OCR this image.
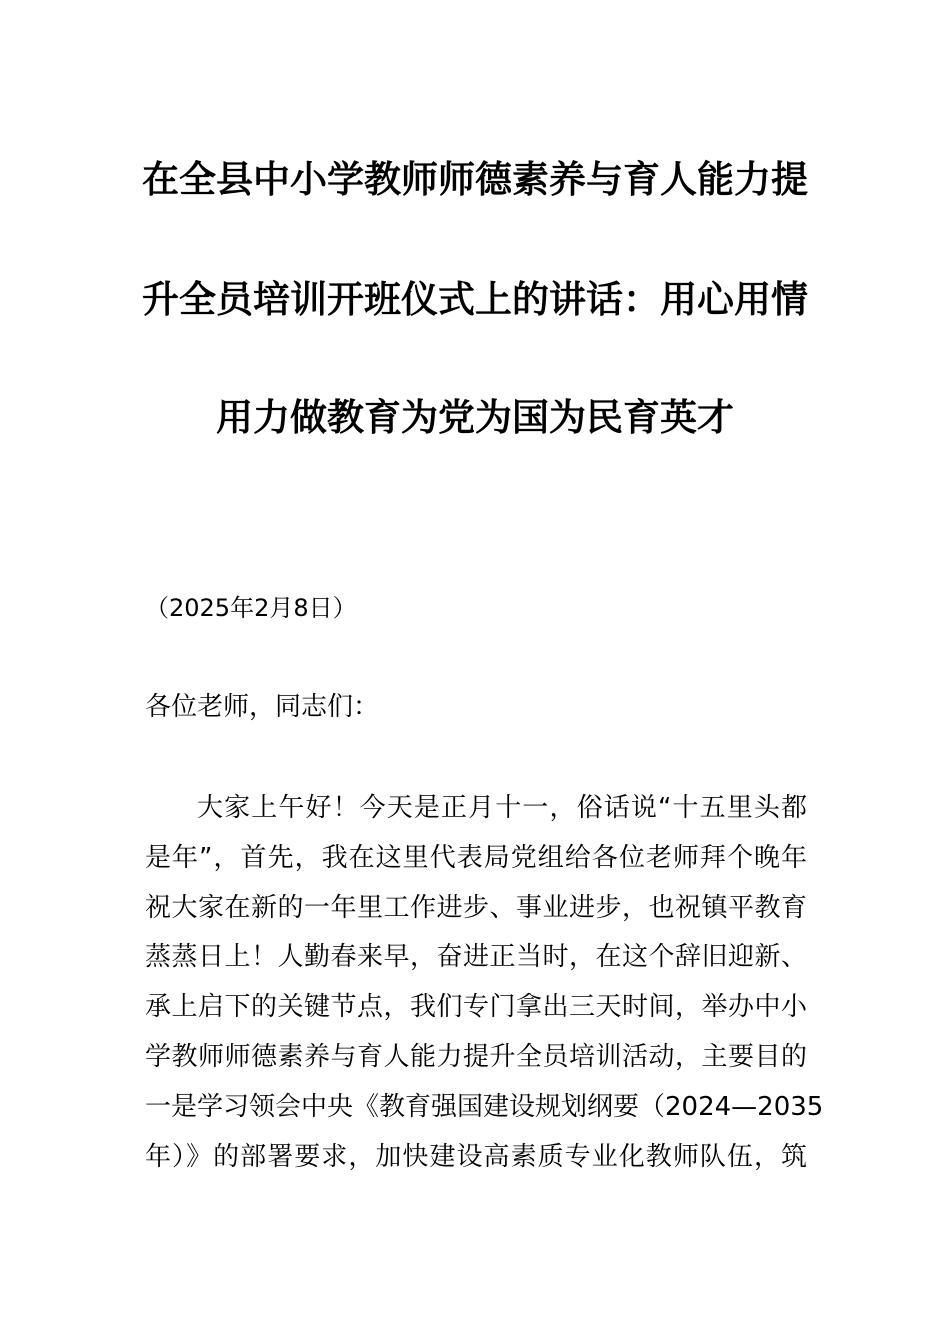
在全县中小学教师师德素养与育人能力提
升全员培训开班仪式上的讲话：用心用情
用力做教育为党为国为民育英才
（2025年2月8日）
各位老师，同志们：
大家上午好！今天是正月十一，俗话说“十五里头都
是年”，首先，我在这里代表局党组给各位老师拜个晚年
祝大家在新的一年里工作进步、事业进步，也祝镇平教育
蒸蒸日上！人勤春来早，奋进正当时，在这个辞旧迎新、
承上启下的关键节点，我们专门拿出三天时间，举办中小
学教师师德素养与育人能力提升全员培训活动，主要目的
一是学习领会中央《教育强国建设规划纲要（2024—2035
年）》的部署要求，加快建设高素质专业化教师队伍，筑
